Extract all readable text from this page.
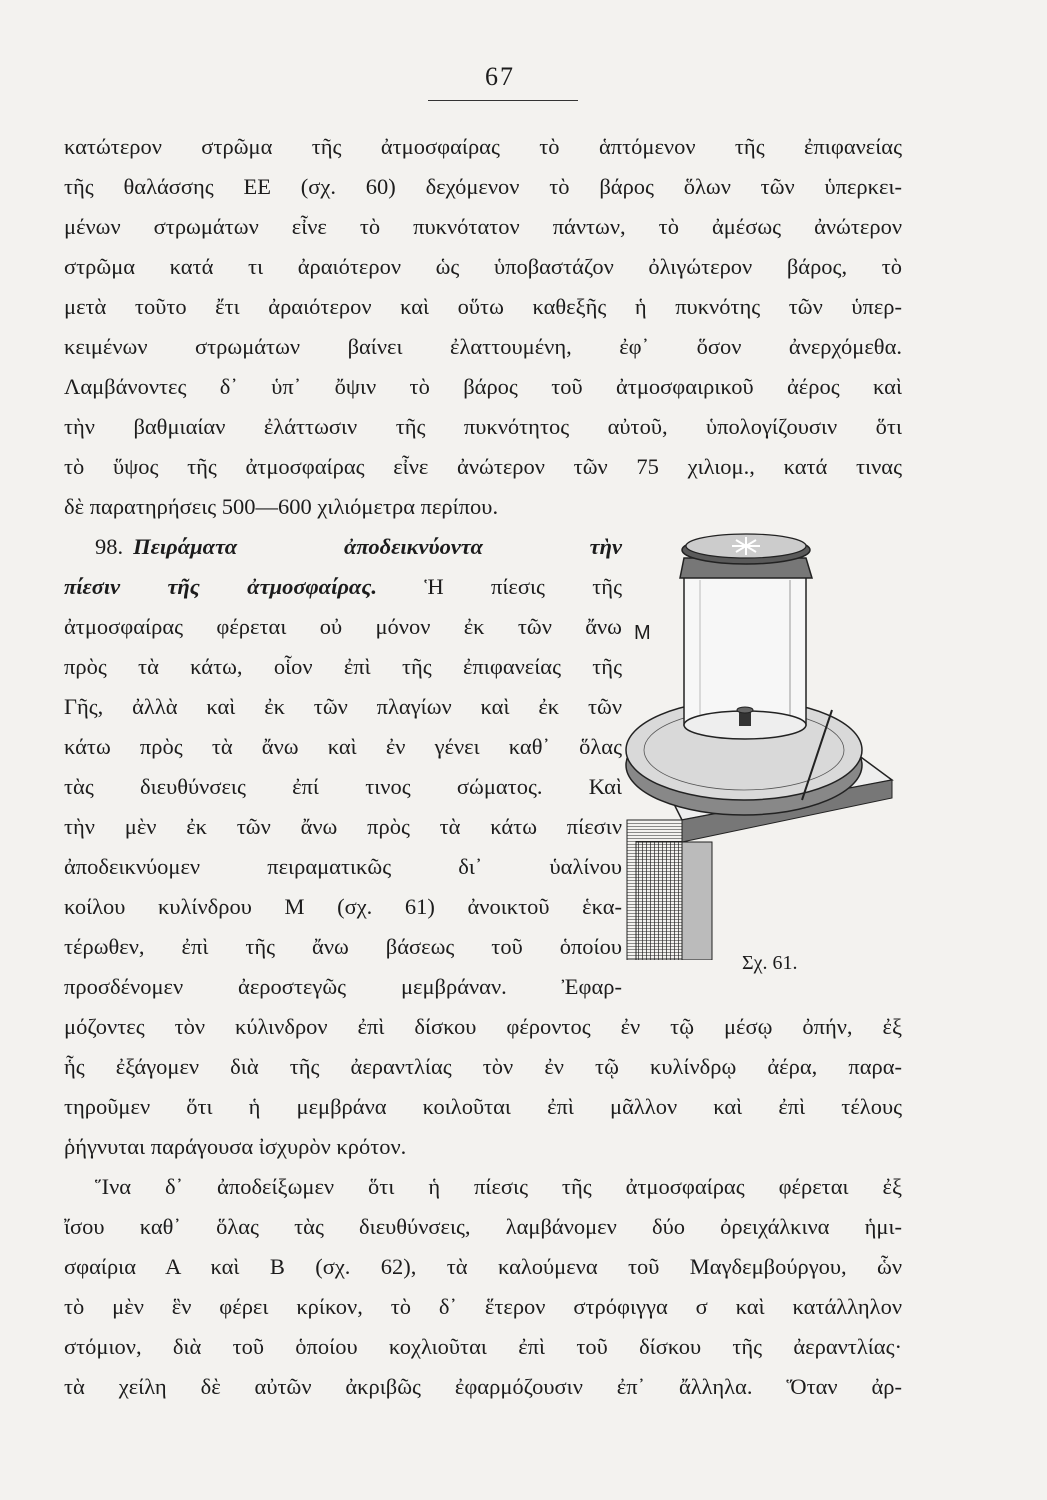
67
κατώτερον στρῶμα τῆς ἀτμοσφαίρας τὸ ἁπτόμενον τῆς ἐπιφανείας
τῆς θαλάσσης ΕΕ (σχ. 60) δεχόμενον τὸ βάρος ὅλων τῶν ὑπερκει-
μένων στρωμάτων εἶνε τὸ πυκνότατον πάντων, τὸ ἀμέσως ἀνώτερον
στρῶμα κατά τι ἀραιότερον ὡς ὑποβαστάζον ὀλιγώτερον βάρος, τὸ
μετὰ τοῦτο ἔτι ἀραιότερον καὶ οὕτω καθεξῆς ἡ πυκνότης τῶν ὑπερ-
κειμένων στρωμάτων βαίνει ἐλαττουμένη, ἐφ᾽ ὅσον ἀνερχόμεθα.
Λαμβάνοντες δ᾽ ὑπ᾽ ὄψιν τὸ βάρος τοῦ ἀτμοσφαιρικοῦ ἀέρος καὶ
τὴν βαθμιαίαν ἐλάττωσιν τῆς πυκνότητος αὐτοῦ, ὑπολογίζουσιν ὅτι
τὸ ὕψος τῆς ἀτμοσφαίρας εἶνε ἀνώτερον τῶν 75 χιλιομ., κατά τινας
δὲ παρατηρήσεις 500—600 χιλιόμετρα περίπου.
98. Πειράματα ἀποδεικνύοντα τὴν
πίεσιν τῆς ἀτμοσφαίρας. Ἡ πίεσις τῆς
ἀτμοσφαίρας φέρεται οὐ μόνον ἐκ τῶν ἄνω
πρὸς τὰ κάτω, οἷον ἐπὶ τῆς ἐπιφανείας τῆς
Γῆς, ἀλλὰ καὶ ἐκ τῶν πλαγίων καὶ ἐκ τῶν
κάτω πρὸς τὰ ἄνω καὶ ἐν γένει καθ᾽ ὅλας
τὰς διευθύνσεις ἐπί τινος σώματος. Καὶ
τὴν μὲν ἐκ τῶν ἄνω πρὸς τὰ κάτω πίεσιν
ἀποδεικνύομεν πειραματικῶς δι᾽ ὑαλίνου
κοίλου κυλίνδρου Μ (σχ. 61) ἀνοικτοῦ ἑκα-
τέρωθεν, ἐπὶ τῆς ἄνω βάσεως τοῦ ὁποίου
προσδένομεν ἀεροστεγῶς μεμβράναν. Ἐφαρ-
μόζοντες τὸν κύλινδρον ἐπὶ δίσκου φέροντος ἐν τῷ μέσῳ ὀπήν, ἐξ
ἧς ἐξάγομεν διὰ τῆς ἀεραντλίας τὸν ἐν τῷ κυλίνδρῳ ἀέρα, παρα-
τηροῦμεν ὅτι ἡ μεμβράνα κοιλοῦται ἐπὶ μᾶλλον καὶ ἐπὶ τέλους
ῥήγνυται παράγουσα ἰσχυρὸν κρότον.
M
Σχ. 61.
Ἵνα δ᾽ ἀποδείξωμεν ὅτι ἡ πίεσις τῆς ἀτμοσφαίρας φέρεται ἐξ
ἴσου καθ᾽ ὅλας τὰς διευθύνσεις, λαμβάνομεν δύο ὀρειχάλκινα ἡμι-
σφαίρια Α καὶ Β (σχ. 62), τὰ καλούμενα τοῦ Μαγδεμβούργου, ὧν
τὸ μὲν ἓν φέρει κρίκον, τὸ δ᾽ ἕτερον στρόφιγγα σ καὶ κατάλληλον
στόμιον, διὰ τοῦ ὁποίου κοχλιοῦται ἐπὶ τοῦ δίσκου τῆς ἀεραντλίας·
τὰ χείλη δὲ αὐτῶν ἀκριβῶς ἐφαρμόζουσιν ἐπ᾽ ἄλληλα. Ὅταν ἀρ-
